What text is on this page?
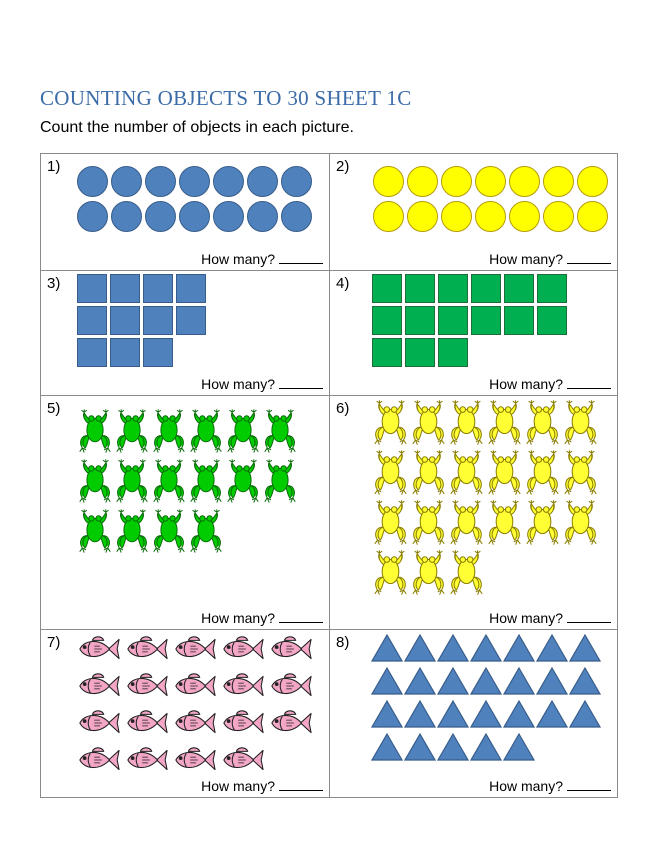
COUNTING OBJECTS TO 30 SHEET 1C
Count the number of objects in each picture.
1)
How many?
2)
How many?
3)
How many?
4)
How many?
5)
How many?
6)
How many?
7)
How many?
8)
How many?
